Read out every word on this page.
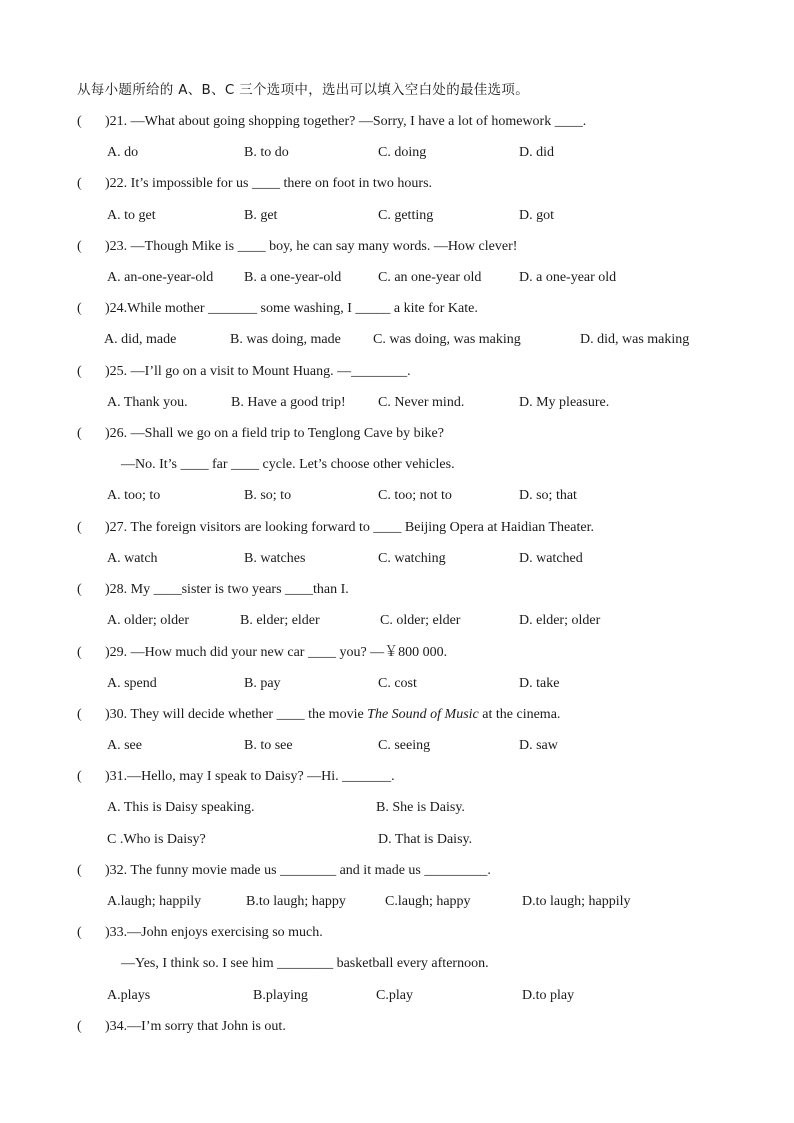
从每小题所给的 A、B、C 三个选项中，选出可以填入空白处的最佳选项。
( )21. —What about going shopping together? —Sorry, I have a lot of homework ____.
A. do	B. to do	C. doing	D. did
( )22. It’s impossible for us ____ there on foot in two hours.
A. to get	B. get	C. getting	D. got
( )23. —Though Mike is ____ boy, he can say many words. —How clever!
A. an-one-year-old B. a one-year-old	C. an one-year old	D. a one-year old
( )24.While mother _______ some washing, I _____ a kite for Kate.
A. did, made	B. was doing, made C. was doing, was making	D. did, was making
( )25. —I’ll go on a visit to Mount Huang. —________.
A. Thank you.	B. Have a good trip! C. Never mind.	D. My pleasure.
( )26. —Shall we go on a field trip to Tenglong Cave by bike?
—No. It’s ____ far ____ cycle. Let’s choose other vehicles.
A. too; to	B. so; to	C. too; not to	D. so; that
( )27. The foreign visitors are looking forward to ____ Beijing Opera at Haidian Theater.
A. watch	B. watches	C. watching	D. watched
( )28. My ____sister is two years ____than I.
A. older; older	B. elder; elder	C. older; elder	D. elder; older
( )29. —How much did your new car ____ you? —￥800 000.
A. spend	B. pay	C. cost	D. take
( )30. They will decide whether ____ the movie The Sound of Music at the cinema.
A. see	B. to see	C. seeing	D. saw
( )31.—Hello, may I speak to Daisy? —Hi. _______.
A. This is Daisy speaking.	B. She is Daisy.
C .Who is Daisy?	D. That is Daisy.
( )32. The funny movie made us ________ and it made us _________.
A.laugh; happily	B.to laugh; happy	C.laugh; happy	D.to laugh; happily
( )33.—John enjoys exercising so much.
—Yes, I think so. I see him ________ basketball every afternoon.
A.plays	B.playing	C.play	D.to play
( )34.—I’m sorry that John is out.
